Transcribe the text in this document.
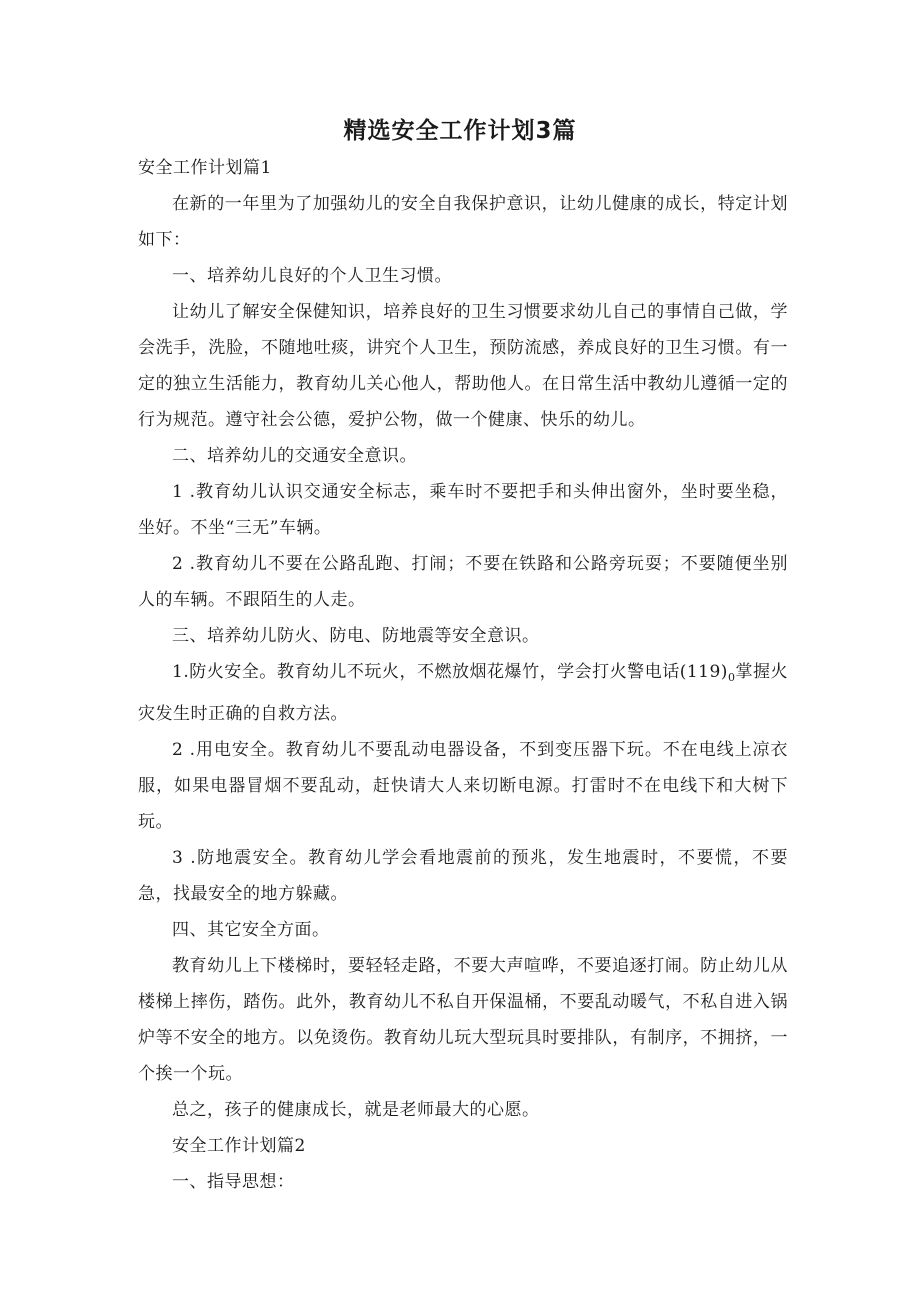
精选安全工作计划3篇

安全工作计划篇1

在新的一年里为了加强幼儿的安全自我保护意识，让幼儿健康的成长，特定计划如下：

一、培养幼儿良好的个人卫生习惯。

让幼儿了解安全保健知识，培养良好的卫生习惯要求幼儿自己的事情自己做，学会洗手，洗脸，不随地吐痰，讲究个人卫生，预防流感，养成良好的卫生习惯。有一定的独立生活能力，教育幼儿关心他人，帮助他人。在日常生活中教幼儿遵循一定的行为规范。遵守社会公德，爱护公物，做一个健康、快乐的幼儿。

二、培养幼儿的交通安全意识。

1 .教育幼儿认识交通安全标志，乘车时不要把手和头伸出窗外，坐时要坐稳，坐好。不坐“三无”车辆。

2 .教育幼儿不要在公路乱跑、打闹；不要在铁路和公路旁玩耍；不要随便坐别人的车辆。不跟陌生的人走。

三、培养幼儿防火、防电、防地震等安全意识。

1.防火安全。教育幼儿不玩火，不燃放烟花爆竹，学会打火警电话$(119)_0$掌握火灾发生时正确的自救方法。

2 .用电安全。教育幼儿不要乱动电器设备，不到变压器下玩。不在电线上凉衣服，如果电器冒烟不要乱动，赶快请大人来切断电源。打雷时不在电线下和大树下玩。

3 .防地震安全。教育幼儿学会看地震前的预兆，发生地震时，不要慌，不要急，找最安全的地方躲藏。

四、其它安全方面。

教育幼儿上下楼梯时，要轻轻走路，不要大声喧哗，不要追逐打闹。防止幼儿从楼梯上摔伤，踏伤。此外，教育幼儿不私自开保温桶，不要乱动暖气，不私自进入锅炉等不安全的地方。以免烫伤。教育幼儿玩大型玩具时要排队，有制序，不拥挤，一个挨一个玩。

总之，孩子的健康成长，就是老师最大的心愿。

安全工作计划篇2

一、指导思想：
